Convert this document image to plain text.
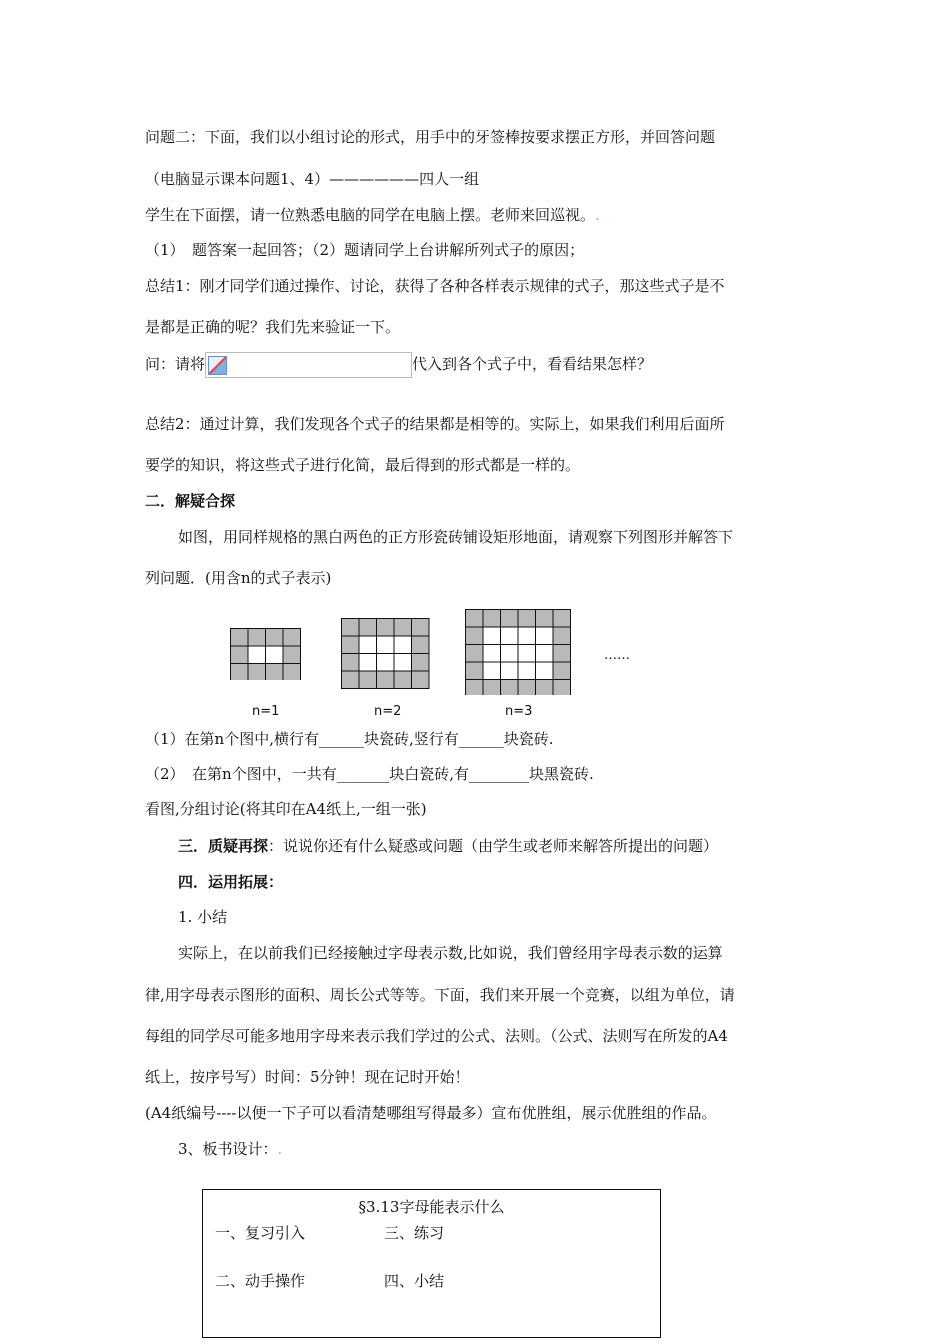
问题二：下面，我们以小组讨论的形式，用手中的牙签棒按要求摆正方形，并回答问题
（电脑显示课本问题1、4）——————四人一组
学生在下面摆，请一位熟悉电脑的同学在电脑上摆。老师来回巡视。.
（1）　题答案一起回答；（2）题请同学上台讲解所列式子的原因；
总结1：刚才同学们通过操作、讨论，获得了各种各样表示规律的式子，那这些式子是不
是都是正确的呢？我们先来验证一下。
问：请将	代入到各个式子中，看看结果怎样？
总结2：通过计算，我们发现各个式子的结果都是相等的。实际上，如果我们利用后面所
要学的知识，将这些式子进行化简，最后得到的形式都是一样的。
二．解疑合探
如图，用同样规格的黑白两色的正方形瓷砖铺设矩形地面，请观察下列图形并解答下
列问题．(用含n的式子表示)
n=1	n=2	n=3
……
（1）在第n个图中,横行有______块瓷砖,竖行有______块瓷砖.
（2）　在第n个图中，一共有_______块白瓷砖,有________块黑瓷砖.
看图,分组讨论(将其印在A4纸上,一组一张)
三．质疑再探：说说你还有什么疑惑或问题（由学生或老师来解答所提出的问题）
四．运用拓展：
1. 小结
实际上，在以前我们已经接触过字母表示数,比如说，我们曾经用字母表示数的运算
律,用字母表示图形的面积、周长公式等等。下面，我们来开展一个竞赛，以组为单位，请
每组的同学尽可能多地用字母来表示我们学过的公式、法则。（公式、法则写在所发的A4
纸上，按序号写）时间：5分钟！现在记时开始！
(A4纸编号----以便一下子可以看清楚哪组写得最多）宣布优胜组，展示优胜组的作品。
3、板书设计：.
§3.13字母能表示什么
一、复习引入	三、练习
二、动手操作	四、小结
